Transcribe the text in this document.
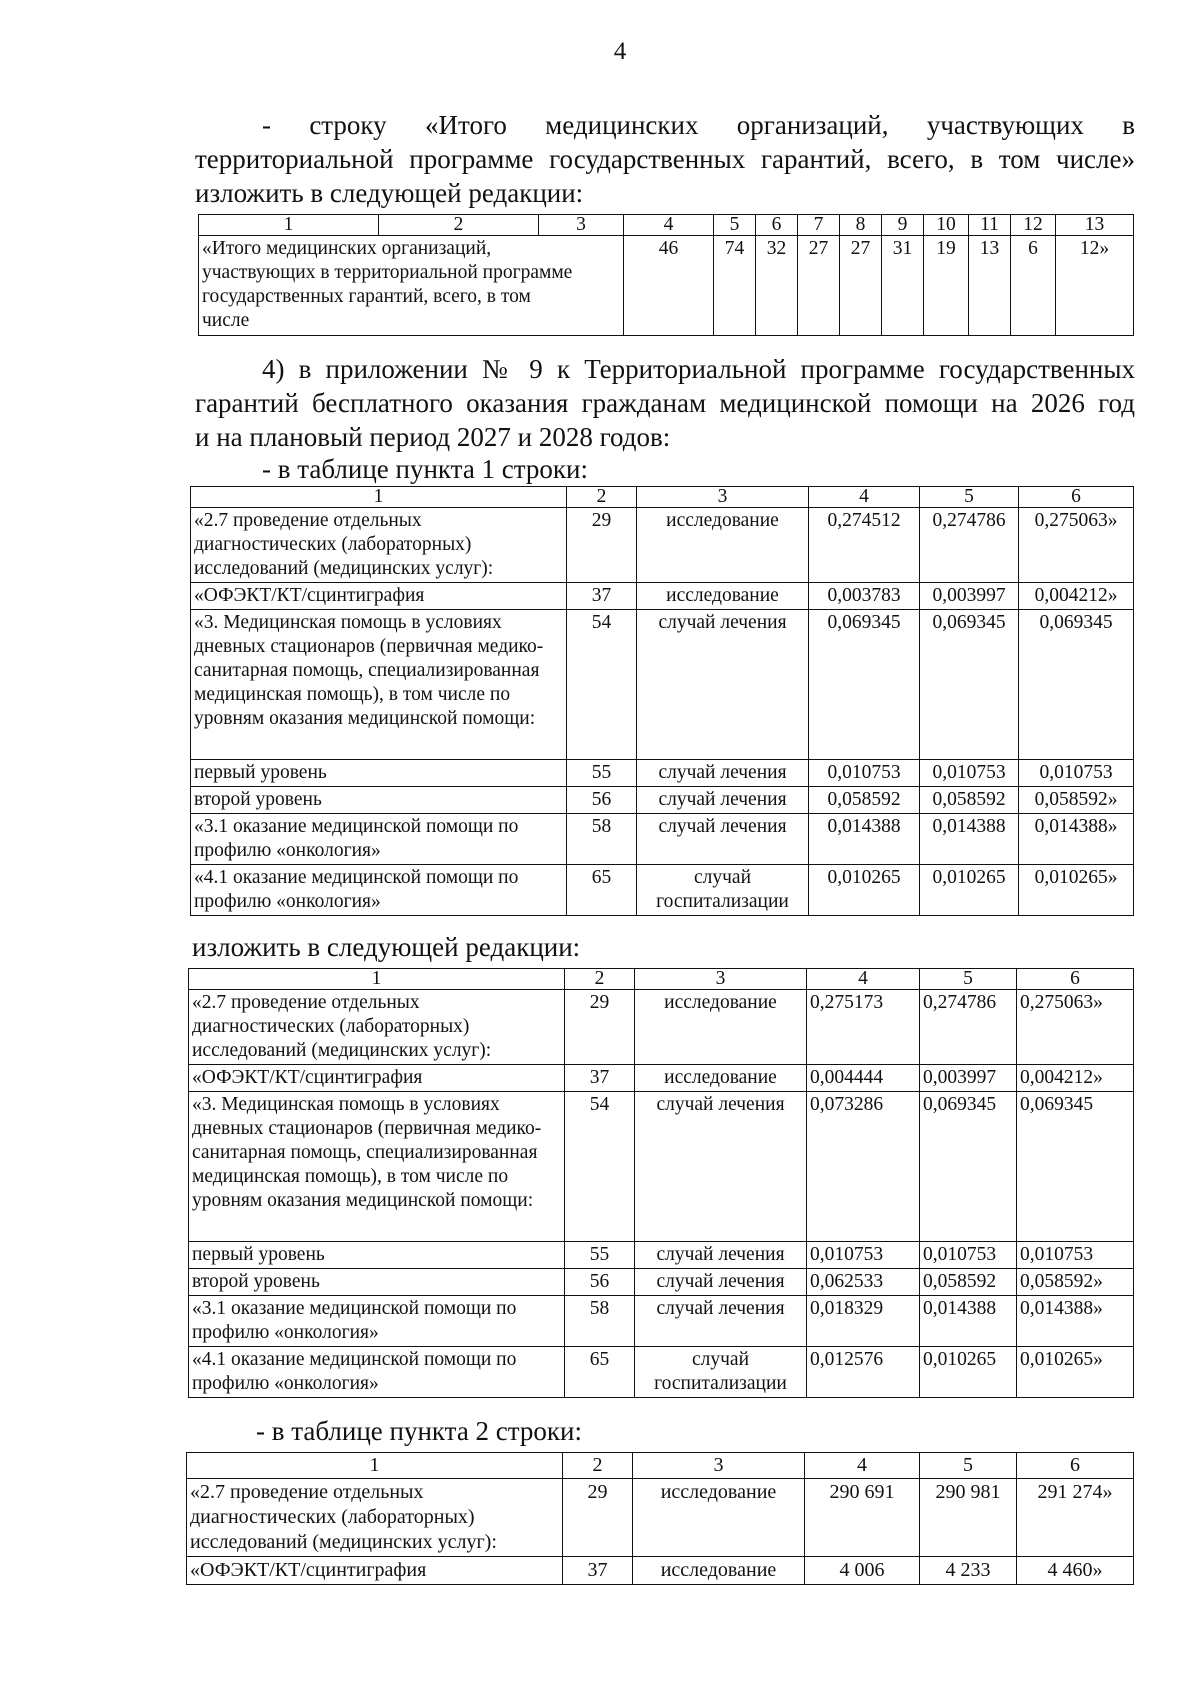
4
- строку «Итого медицинских организаций, участвующих в
территориальной программе государственных гарантий, всего, в том числе»
изложить в следующей редакции:
1	2	3	4	5	6	7	8	9	10	11	12	13
«Итого медицинских организаций, участвующих в территориальной программе государственных гарантий, всего, в том числе			46	74	32	27	27	31	19	13	6	12»
4) в приложении № 9 к Территориальной программе государственных
гарантий бесплатного оказания гражданам медицинской помощи на 2026 год
и на плановый период 2027 и 2028 годов:
- в таблице пункта 1 строки:
1	2	3	4	5	6
«2.7 проведение отдельных диагностических (лабораторных) исследований (медицинских услуг):	29	исследование	0,274512	0,274786	0,275063»
«ОФЭКТ/КТ/сцинтиграфия	37	исследование	0,003783	0,003997	0,004212»
«3. Медицинская помощь в условиях дневных стационаров (первичная медико-санитарная помощь, специализированная медицинская помощь), в том числе по уровням оказания медицинской помощи:	54	случай лечения	0,069345	0,069345	0,069345
первый уровень	55	случай лечения	0,010753	0,010753	0,010753
второй уровень	56	случай лечения	0,058592	0,058592	0,058592»
«3.1 оказание медицинской помощи по профилю «онкология»	58	случай лечения	0,014388	0,014388	0,014388»
«4.1 оказание медицинской помощи по профилю «онкология»	65	случай госпитализации	0,010265	0,010265	0,010265»
изложить в следующей редакции:
1	2	3	4	5	6
«2.7 проведение отдельных диагностических (лабораторных) исследований (медицинских услуг):	29	исследование	0,275173	0,274786	0,275063»
«ОФЭКТ/КТ/сцинтиграфия	37	исследование	0,004444	0,003997	0,004212»
«3. Медицинская помощь в условиях дневных стационаров (первичная медико-санитарная помощь, специализированная медицинская помощь), в том числе по уровням оказания медицинской помощи:	54	случай лечения	0,073286	0,069345	0,069345
первый уровень	55	случай лечения	0,010753	0,010753	0,010753
второй уровень	56	случай лечения	0,062533	0,058592	0,058592»
«3.1 оказание медицинской помощи по профилю «онкология»	58	случай лечения	0,018329	0,014388	0,014388»
«4.1 оказание медицинской помощи по профилю «онкология»	65	случай госпитализации	0,012576	0,010265	0,010265»
- в таблице пункта 2 строки:
1	2	3	4	5	6
«2.7 проведение отдельных диагностических (лабораторных) исследований (медицинских услуг):	29	исследование	290 691	290 981	291 274»
«ОФЭКТ/КТ/сцинтиграфия	37	исследование	4 006	4 233	4 460»
